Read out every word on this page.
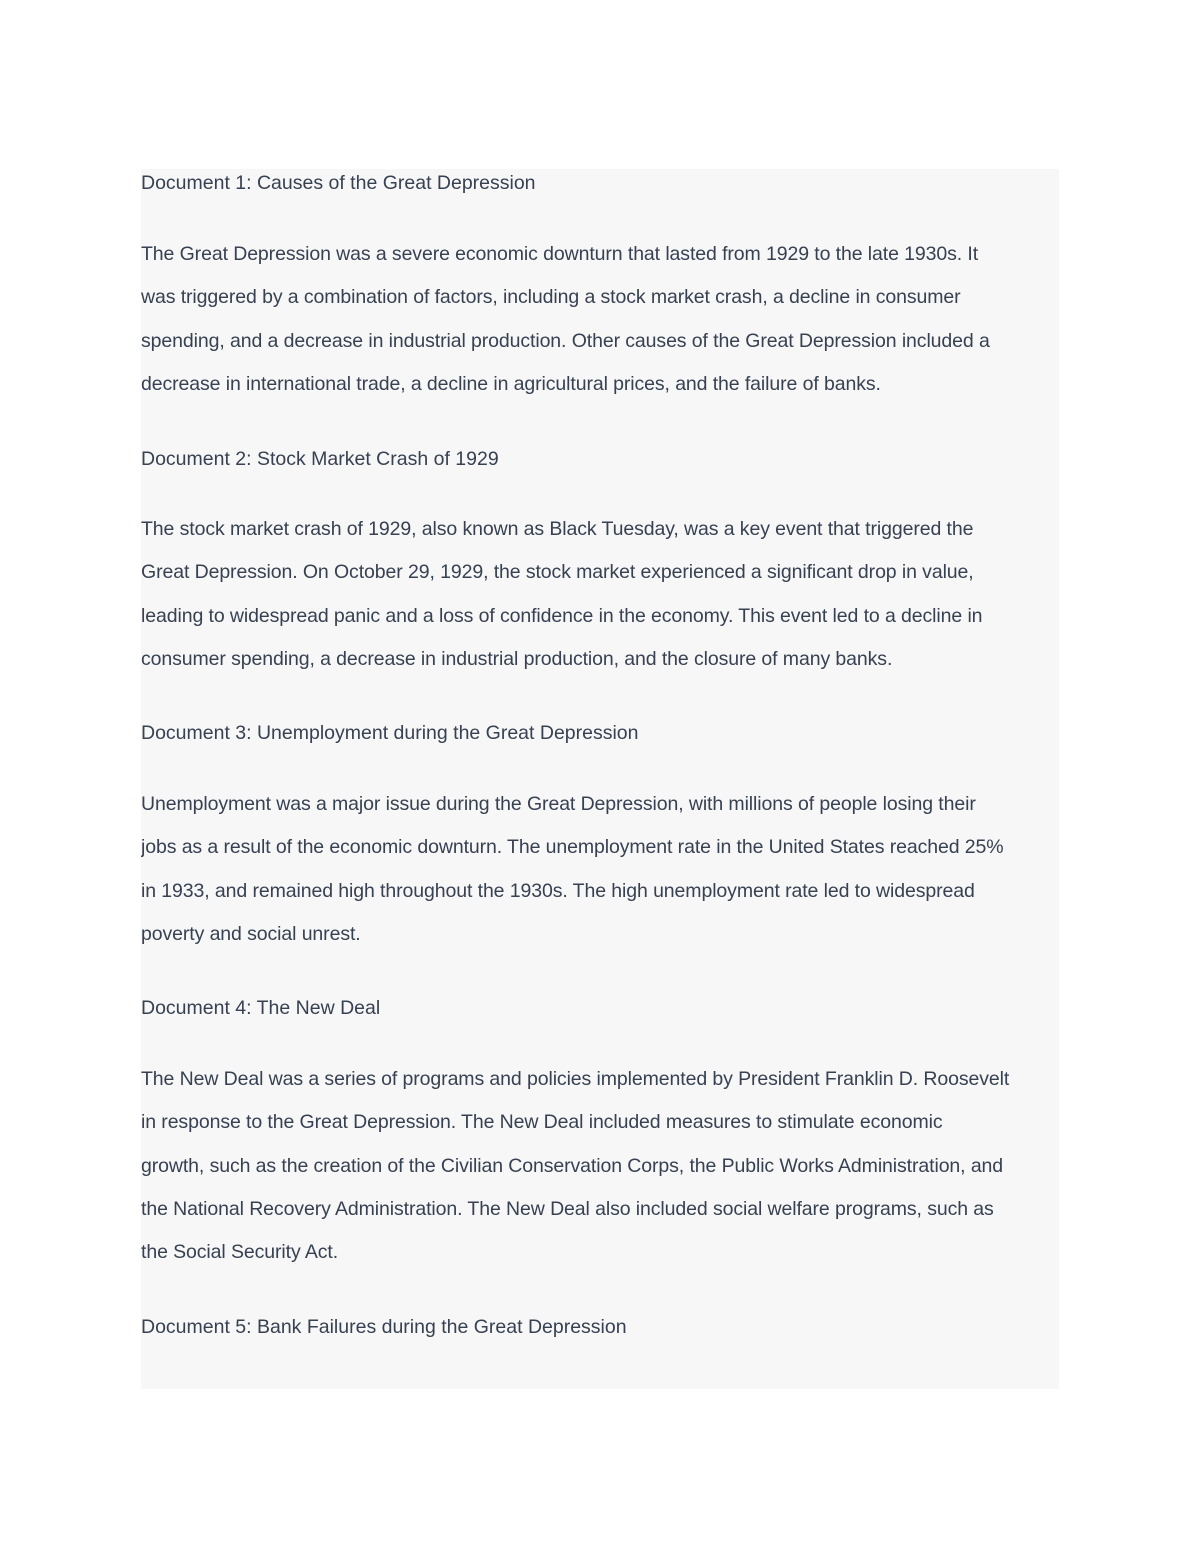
Document 1: Causes of the Great Depression

The Great Depression was a severe economic downturn that lasted from 1929 to the late 1930s. It
was triggered by a combination of factors, including a stock market crash, a decline in consumer
spending, and a decrease in industrial production. Other causes of the Great Depression included a
decrease in international trade, a decline in agricultural prices, and the failure of banks.

Document 2: Stock Market Crash of 1929

The stock market crash of 1929, also known as Black Tuesday, was a key event that triggered the
Great Depression. On October 29, 1929, the stock market experienced a significant drop in value,
leading to widespread panic and a loss of confidence in the economy. This event led to a decline in
consumer spending, a decrease in industrial production, and the closure of many banks.

Document 3: Unemployment during the Great Depression

Unemployment was a major issue during the Great Depression, with millions of people losing their
jobs as a result of the economic downturn. The unemployment rate in the United States reached 25%
in 1933, and remained high throughout the 1930s. The high unemployment rate led to widespread
poverty and social unrest.

Document 4: The New Deal

The New Deal was a series of programs and policies implemented by President Franklin D. Roosevelt
in response to the Great Depression. The New Deal included measures to stimulate economic
growth, such as the creation of the Civilian Conservation Corps, the Public Works Administration, and
the National Recovery Administration. The New Deal also included social welfare programs, such as
the Social Security Act.

Document 5: Bank Failures during the Great Depression
